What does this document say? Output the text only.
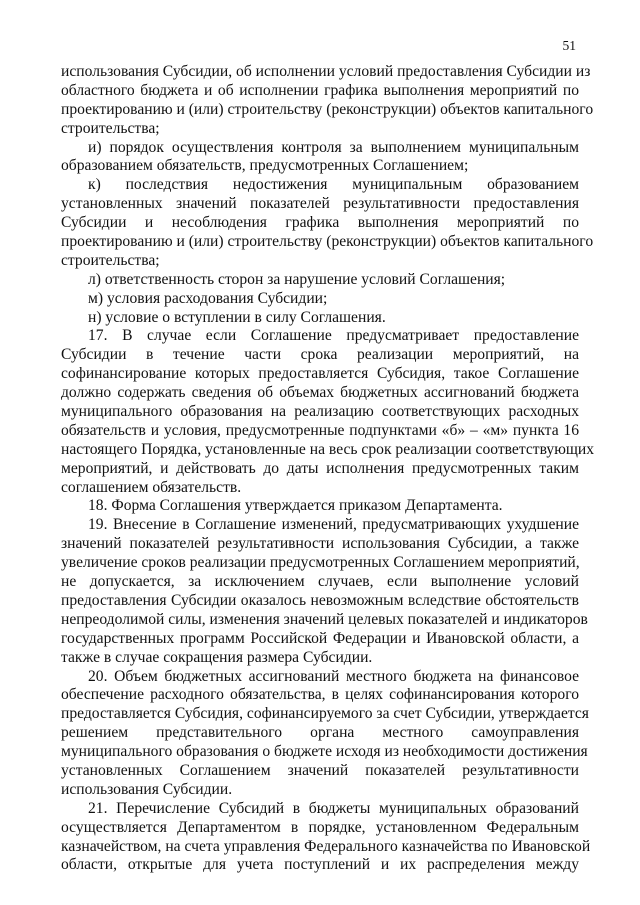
51
использования Субсидии, об исполнении условий предоставления Субсидии из
областного бюджета и об исполнении графика выполнения мероприятий по
проектированию и (или) строительству (реконструкции) объектов капитального
строительства;
и) порядок осуществления контроля за выполнением муниципальным
образованием обязательств, предусмотренных Соглашением;
к) последствия недостижения муниципальным образованием
установленных значений показателей результативности предоставления
Субсидии и несоблюдения графика выполнения мероприятий по
проектированию и (или) строительству (реконструкции) объектов капитального
строительства;
л) ответственность сторон за нарушение условий Соглашения;
м) условия расходования Субсидии;
н) условие о вступлении в силу Соглашения.
17. В случае если Соглашение предусматривает предоставление
Субсидии в течение части срока реализации мероприятий, на
софинансирование которых предоставляется Субсидия, такое Соглашение
должно содержать сведения об объемах бюджетных ассигнований бюджета
муниципального образования на реализацию соответствующих расходных
обязательств и условия, предусмотренные подпунктами «б» – «м» пункта 16
настоящего Порядка, установленные на весь срок реализации соответствующих
мероприятий, и действовать до даты исполнения предусмотренных таким
соглашением обязательств.
18. Форма Соглашения утверждается приказом Департамента.
19. Внесение в Соглашение изменений, предусматривающих ухудшение
значений показателей результативности использования Субсидии, а также
увеличение сроков реализации предусмотренных Соглашением мероприятий,
не допускается, за исключением случаев, если выполнение условий
предоставления Субсидии оказалось невозможным вследствие обстоятельств
непреодолимой силы, изменения значений целевых показателей и индикаторов
государственных программ Российской Федерации и Ивановской области, а
также в случае сокращения размера Субсидии.
20. Объем бюджетных ассигнований местного бюджета на финансовое
обеспечение расходного обязательства, в целях софинансирования которого
предоставляется Субсидия, софинансируемого за счет Субсидии, утверждается
решением представительного органа местного самоуправления
муниципального образования о бюджете исходя из необходимости достижения
установленных Соглашением значений показателей результативности
использования Субсидии.
21. Перечисление Субсидий в бюджеты муниципальных образований
осуществляется Департаментом в порядке, установленном Федеральным
казначейством, на счета управления Федерального казначейства по Ивановской
области, открытые для учета поступлений и их распределения между
